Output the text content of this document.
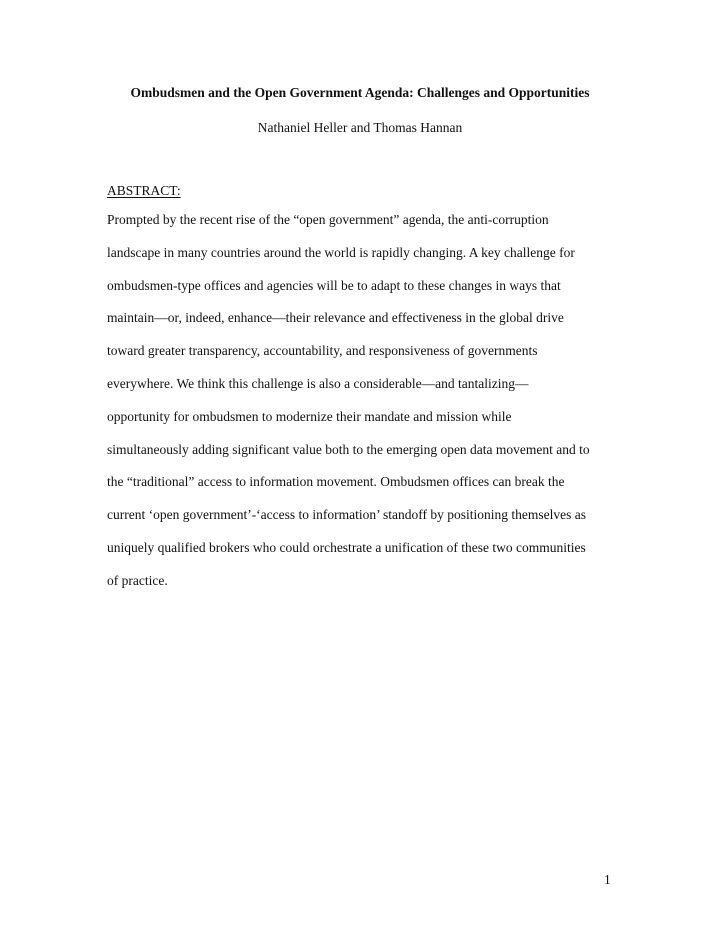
Ombudsmen and the Open Government Agenda: Challenges and Opportunities
Nathaniel Heller and Thomas Hannan
ABSTRACT:
Prompted by the recent rise of the “open government” agenda, the anti-corruption
landscape in many countries around the world is rapidly changing. A key challenge for
ombudsmen-type offices and agencies will be to adapt to these changes in ways that
maintain—or, indeed, enhance—their relevance and effectiveness in the global drive
toward greater transparency, accountability, and responsiveness of governments
everywhere. We think this challenge is also a considerable—and tantalizing—
opportunity for ombudsmen to modernize their mandate and mission while
simultaneously adding significant value both to the emerging open data movement and to
the “traditional” access to information movement. Ombudsmen offices can break the
current ‘open government’-‘access to information’ standoff by positioning themselves as
uniquely qualified brokers who could orchestrate a unification of these two communities
of practice.
1
